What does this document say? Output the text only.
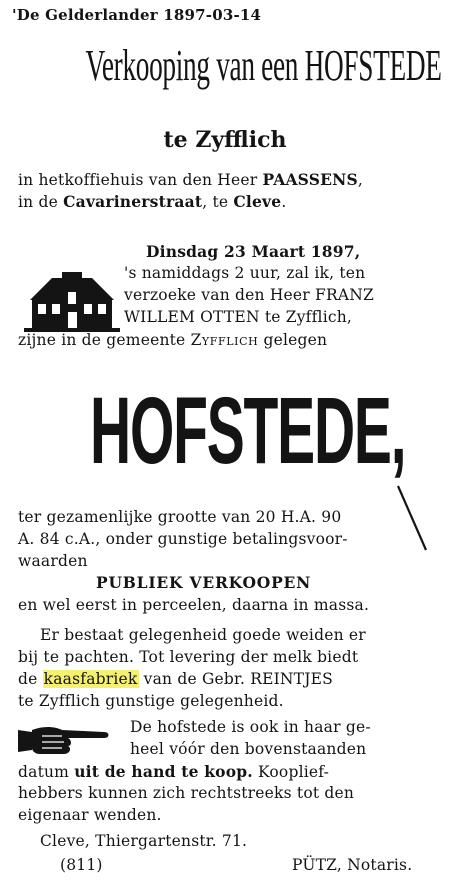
'De Gelderlander 1897-03-14
Verkooping van een HOFSTEDE
te Zyfflich
in hetkoffiehuis van den Heer PAASSENS,
in de Cavarinerstraat, te Cleve.
Dinsdag 23 Maart 1897,
's namiddags 2 uur, zal ik, ten
verzoeke van den Heer FRANZ
WILLEM OTTEN te Zyfflich,
zijne in de gemeente Zyfflich gelegen
HOFSTEDE,
ter gezamenlijke grootte van 20 H.A. 90
A. 84 c.A., onder gunstige betalingsvoor-
waarden
PUBLIEK VERKOOPEN
en wel eerst in perceelen, daarna in massa.
Er bestaat gelegenheid goede weiden er
bij te pachten. Tot levering der melk biedt
de kaasfabriek van de Gebr. REINTJES
te Zyfflich gunstige gelegenheid.
De hofstede is ook in haar ge-
heel vóór den bovenstaanden
datum uit de hand te koop. Kooplief-
hebbers kunnen zich rechtstreeks tot den
eigenaar wenden.
Cleve, Thiergartenstr. 71.
(811)	PÜTZ, Notaris.
